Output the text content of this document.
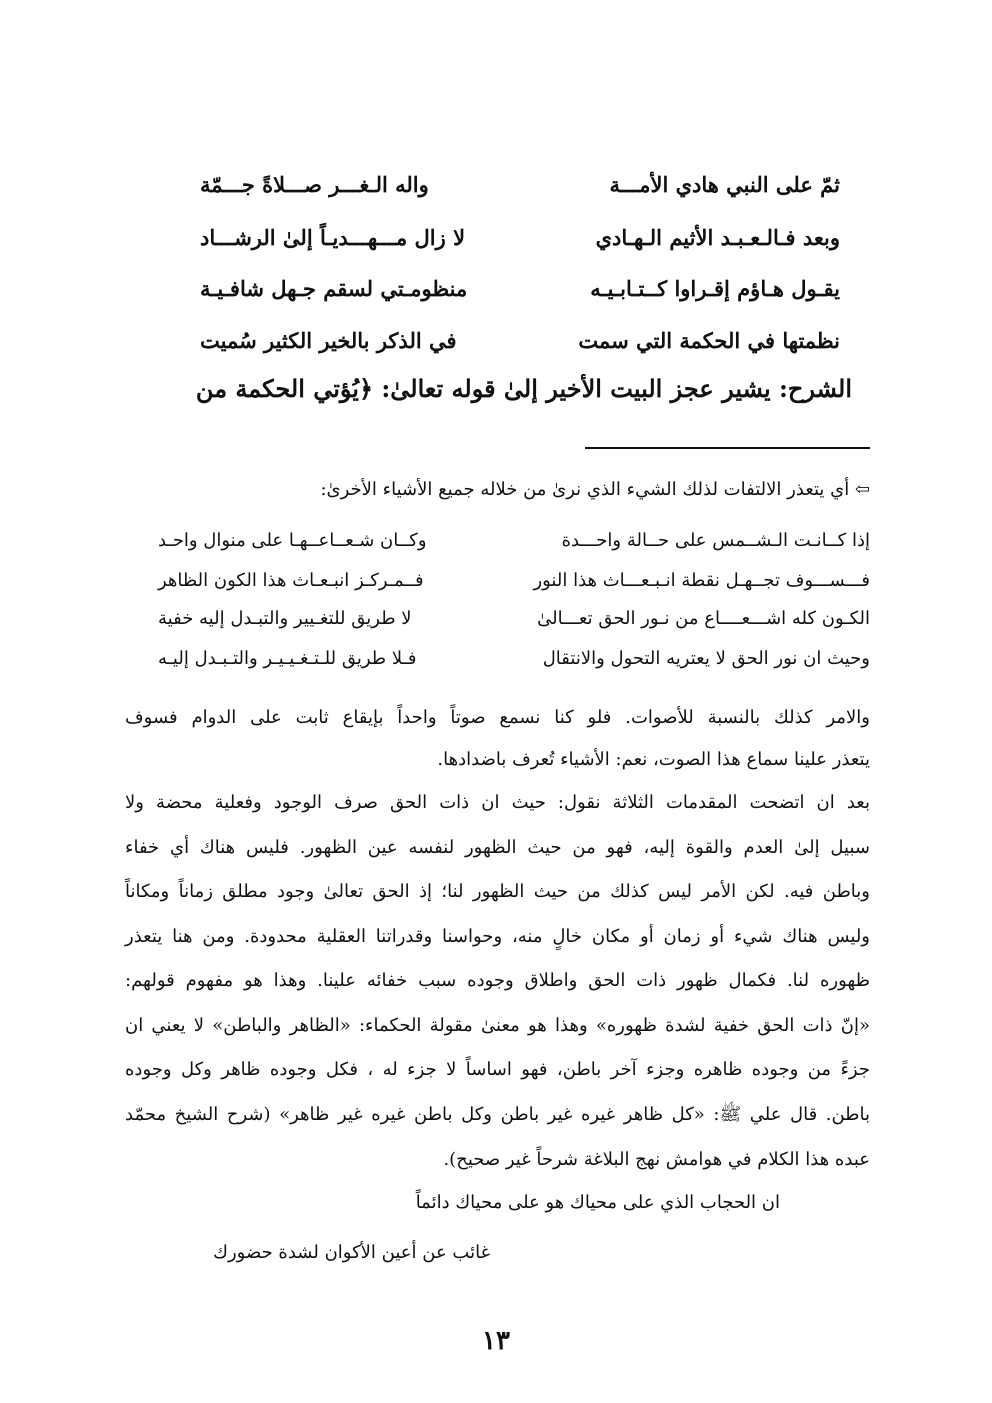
ثمّ على النبي هادي الأمـــة
واله الـغـــر صـــلاةً جـــمّة
وبعد فـالـعـبـد الأثيم الـهـادي
لا زال مـــهـــديـاً إلىٰ الرشـــاد
يقـول هـاؤم إقـراوا كــتـابـيـه
منظومـتي لسقم جـهل شافـيـة
نظمتها في الحكمة التي سمت
في الذكر بالخير الكثير سُميت
الشرح: يشير عجز البيت الأخير إلىٰ قوله تعالىٰ: ﴿يُؤتي الحكمة من
⇦ أي يتعذر الالتفات لذلك الشيء الذي نرىٰ من خلاله جميع الأشياء الأخرىٰ:
إذا كــانـت الـشــمس على حــالة واحـــدة
وكــان شـعــاعــهـا على منوال واحـد
فـــســـوف تجــهـل نقطة انـبـعـــاث هذا النور
فــمـركـز انبـعـاث هذا الكون الظاهر
الكـون كله اشـــعــــاع من نـور الحق تعـــالىٰ
لا طريق للتغـيير والتبـدل إليه خفية
وحيث ان نور الحق لا يعتريه التحول والانتقال
فـلا طريق للـتـغـيـيـر والتـبـدل إليـه
والامر كذلك بالنسبة للأصوات. فلو كنا نسمع صوتاً واحداً بإيقاع ثابت على الدوام فسوف
يتعذر علينا سماع هذا الصوت، نعم: الأشياء تُعرف باضدادها.
بعد ان اتضحت المقدمات الثلاثة نقول: حيث ان ذات الحق صرف الوجود وفعلية محضة ولا
سبيل إلىٰ العدم والقوة إليه، فهو من حيث الظهور لنفسه عين الظهور. فليس هناك أي خفاء
وباطن فيه. لكن الأمر ليس كذلك من حيث الظهور لنا؛ إذ الحق تعالىٰ وجود مطلق زماناً ومكاناً
وليس هناك شيء أو زمان أو مكان خالٍ منه، وحواسنا وقدراتنا العقلية محدودة. ومن هنا يتعذر
ظهوره لنا. فكمال ظهور ذات الحق واطلاق وجوده سبب خفائه علينا. وهذا هو مفهوم قولهم:
«إنّ ذات الحق خفية لشدة ظهوره» وهذا هو معنىٰ مقولة الحكماء: «الظاهر والباطن» لا يعني ان
جزءً من وجوده ظاهره وجزء آخر باطن، فهو اساساً لا جزء له ، فكل وجوده ظاهر وكل وجوده
باطن. قال علي ﷺ: «كل ظاهر غيره غير باطن وكل باطن غيره غير ظاهر» (شرح الشيخ محمّد
عبده هذا الكلام في هوامش نهج البلاغة شرحاً غير صحيح).
ان الحجاب الذي على محياك هو على محياك دائماً
غائب عن أعين الأكوان لشدة حضورك
١٣
